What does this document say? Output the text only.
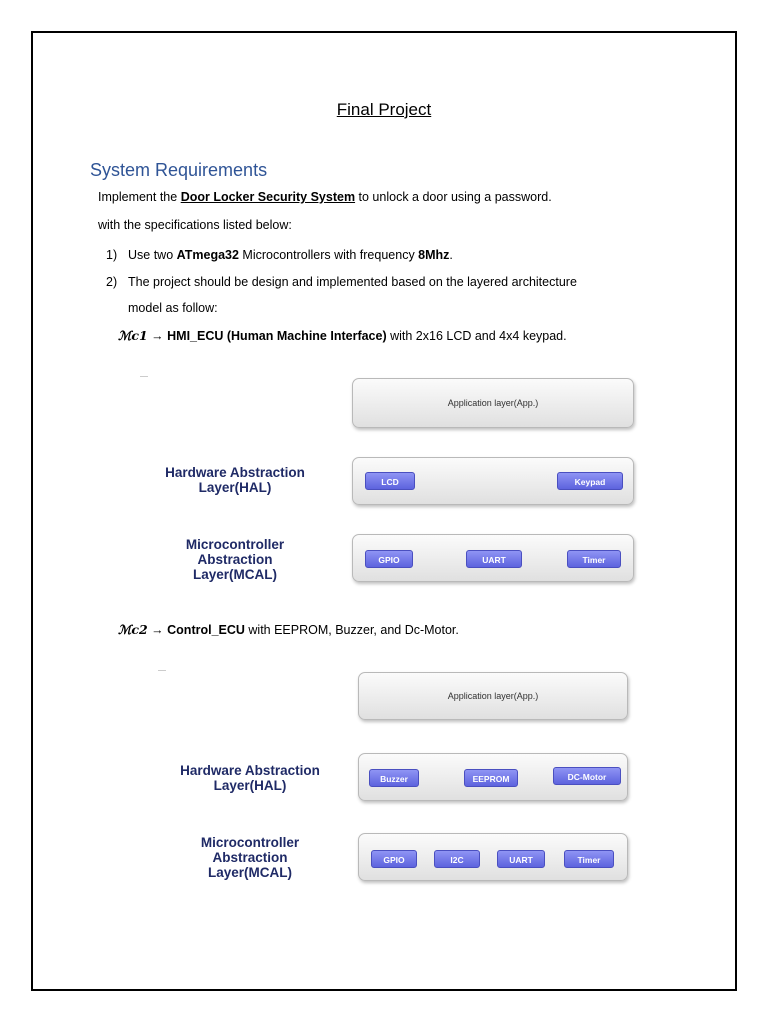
Final Project
System Requirements
Implement the Door Locker Security System to unlock a door using a password.
with the specifications listed below:
1) Use two ATmega32 Microcontrollers with frequency 8Mhz.
2) The project should be design and implemented based on the layered architecture
model as follow:
ℳc1 → HMI_ECU (Human Machine Interface) with 2x16 LCD and 4x4 keypad.
Application layer(App.)
Hardware Abstraction
Layer(HAL)	LCD	Keypad
Microcontroller
Abstraction
Layer(MCAL)
GPIO	UART	Timer
ℳc2 → Control_ECU with EEPROM, Buzzer, and Dc-Motor.
Application layer(App.)
Hardware Abstraction
Layer(HAL)	Buzzer	EEPROM	DC-Motor
Microcontroller
Abstraction
Layer(MCAL)
GPIO	I2C	UART	Timer
